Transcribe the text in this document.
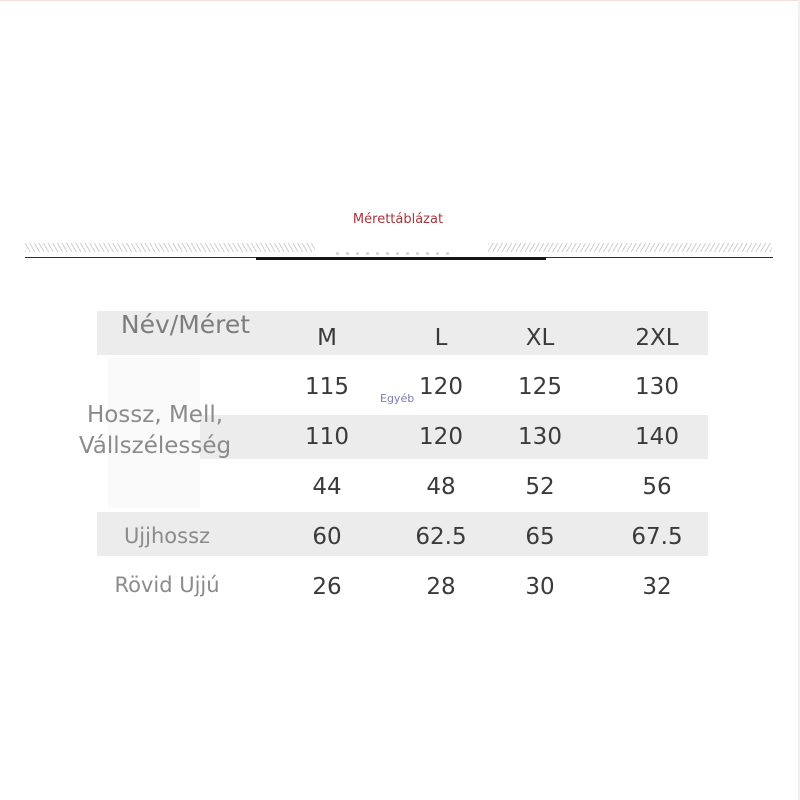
Mérettáblázat
Név/Méret	M	L	XL	2XL
Hossz, Mell,
Vállszélesség
Egyéb
115	120	125	130
110	120	130	140
44	48	52	56
Ujjhossz	60	62.5	65	67.5
Rövid Ujjú	26	28	30	32
